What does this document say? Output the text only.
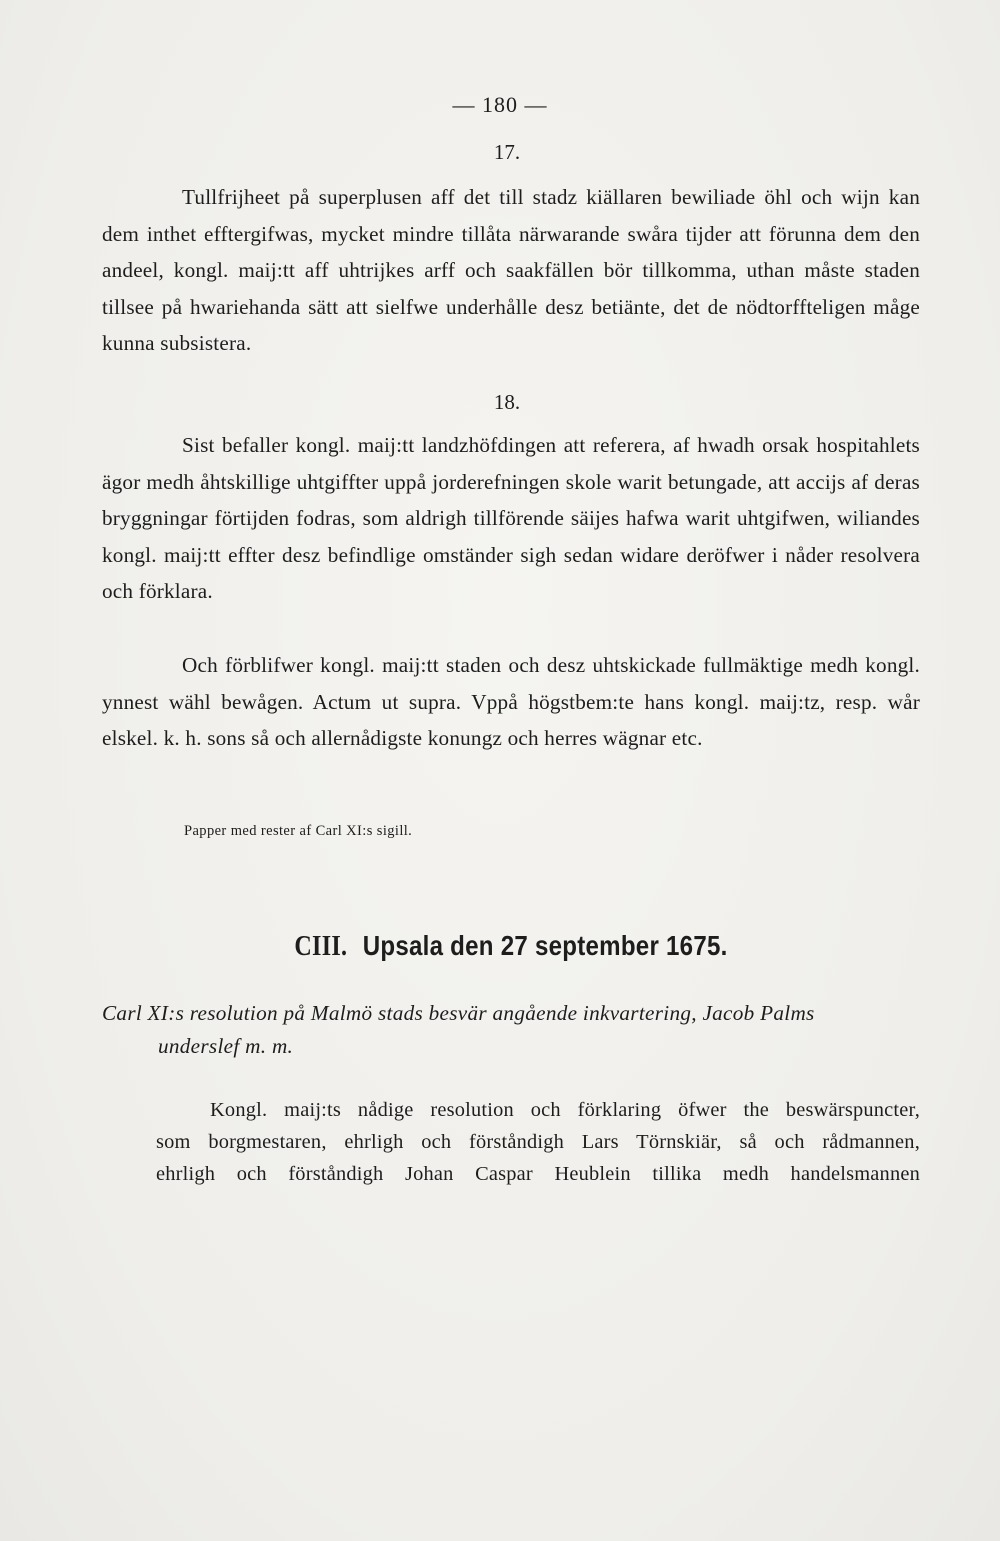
— 180 —
17.
Tullfrijheet på superplusen aff det till stadz kiällaren bewiliade öhl och wijn kan dem inthet efftergifwas, mycket mindre tillåta närwarande swåra tijder att förunna dem den andeel, kongl. maij:tt aff uhtrijkes arff och saakfällen bör tillkomma, uthan måste staden tillsee på hwariehanda sätt att sielfwe underhålle desz betiänte, det de nödtorffteligen måge kunna subsistera.
18.
Sist befaller kongl. maij:tt landzhöfdingen att referera, af hwadh orsak hospitahlets ägor medh åhtskillige uhtgiffter uppå jorderefningen skole warit betungade, att accijs af deras bryggningar förtijden fodras, som aldrigh tillförende säijes hafwa warit uhtgifwen, wiliandes kongl. maij:tt effter desz befindlige omständer sigh sedan widare deröfwer i nåder resolvera och förklara.
Och förblifwer kongl. maij:tt staden och desz uhtskickade fullmäktige medh kongl. ynnest wähl bewågen. Actum ut supra. Vppå högstbem:te hans kongl. maij:tz, resp. wår elskel. k. h. sons så och allernådigste konungz och herres wägnar etc.
Papper med rester af Carl XI:s sigill.
CIII. Upsala den 27 september 1675.
Carl XI:s resolution på Malmö stads besvär angående inkvartering, Jacob Palms
underslef m. m.
Kongl. maij:ts nådige resolution och förklaring öfwer the beswärspuncter,
som borgmestaren, ehrligh och förståndigh Lars Törnskiär, så och rådmannen,
ehrligh och förståndigh Johan Caspar Heublein tillika medh handelsmannen
